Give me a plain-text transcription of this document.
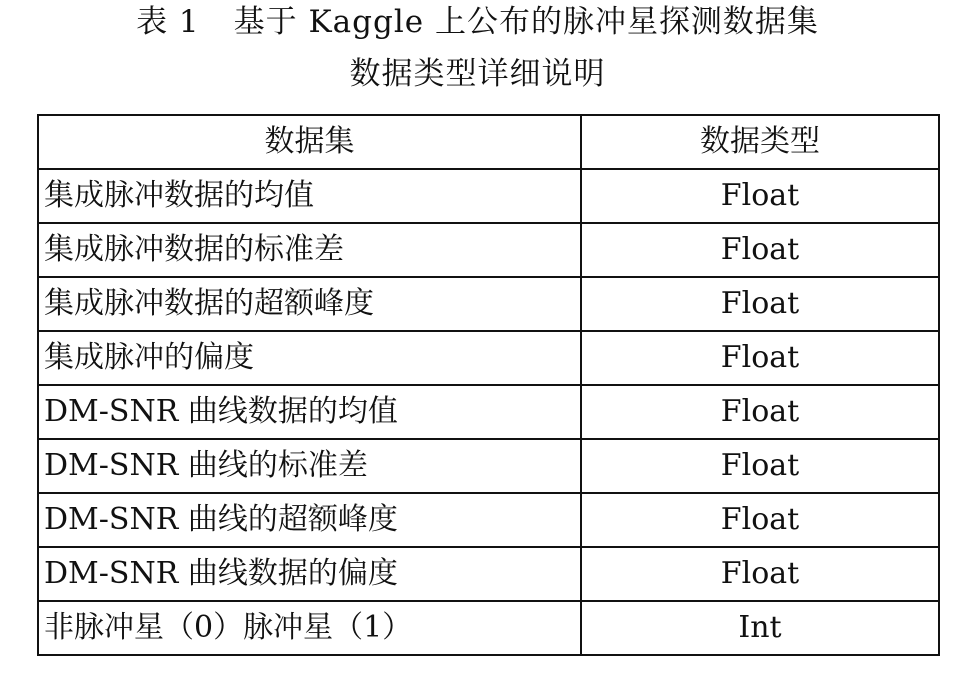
表 1 基于 Kaggle 上公布的脉冲星探测数据集
数据类型详细说明
数据集	数据类型
集成脉冲数据的均值	Float
集成脉冲数据的标准差	Float
集成脉冲数据的超额峰度	Float
集成脉冲的偏度	Float
DM-SNR 曲线数据的均值	Float
DM-SNR 曲线的标准差	Float
DM-SNR 曲线的超额峰度	Float
DM-SNR 曲线数据的偏度	Float
非脉冲星（0）脉冲星（1）	Int
